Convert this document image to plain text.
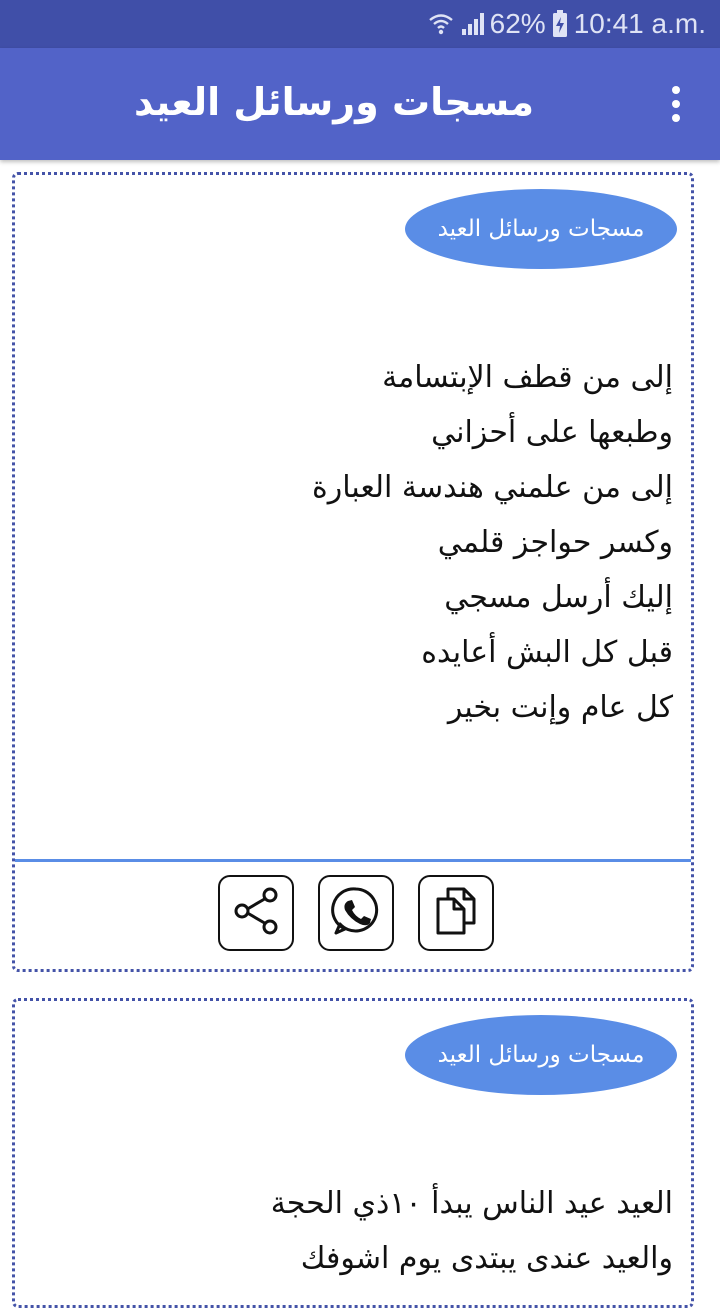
62% 10:41 a.m.
مسجات ورسائل العيد
مسجات ورسائل العيد
إلى من قطف الإبتسامة
وطبعها على أحزاني
إلى من علمني هندسة العبارة
وكسر حواجز قلمي
إليك أرسل مسجي
قبل كل البش أعايده
كل عام وإنت بخير
مسجات ورسائل العيد
العيد عيد الناس يبدأ ١٠ذي الحجة
والعيد عندى يبتدى يوم اشوفك
